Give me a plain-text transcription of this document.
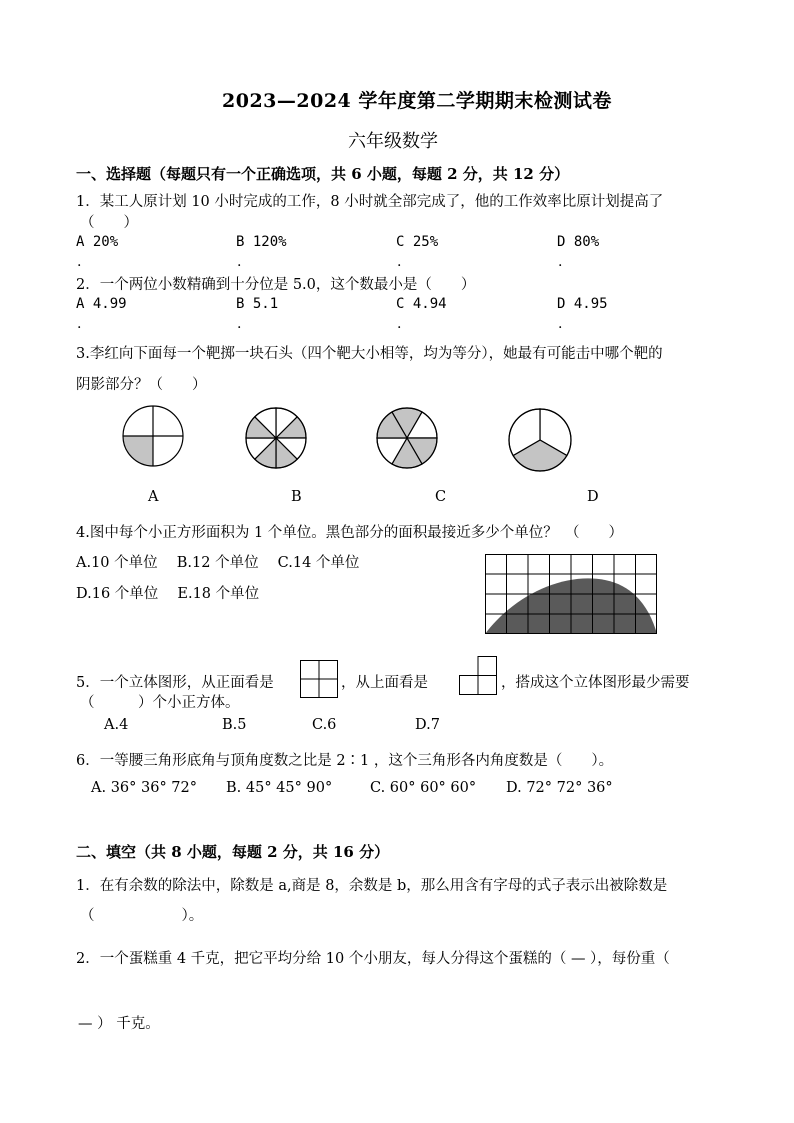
2023—2024 学年度第二学期期末检测试卷
六年级数学
一、选择题（每题只有一个正确选项，共 6 小题，每题 2 分，共 12 分）
1．某工人原计划 10 小时完成的工作，8 小时就全部完成了，他的工作效率比原计划提高了
（　　）
A 20%	B 120%	C 25%	D 80%
.	.	.	.
2．一个两位小数精确到十分位是 5.0，这个数最小是（　　）
A 4.99	B 5.1	C 4.94	D 4.95
.	.	.	.
3.李红向下面每一个靶掷一块石头（四个靶大小相等，均为等分），她最有可能击中哪个靶的
阴影部分？（　　）
A	B	C	D
4.图中每个小正方形面积为 1 个单位。黑色部分的面积最接近多少个单位？　（　　）
A.10 个单位　 B.12 个单位　 C.14 个单位
D.16 个单位　 E.18 个单位
5．一个立体图形，从正面看是	，从上面看是	，搭成这个立体图形最少需要
（　　　）个小正方体。
A.4	B.5	C.6	D.7
6．一等腰三角形底角与顶角度数之比是 2∶1 ，这个三角形各内角度数是（　　）。
A. 36° 36° 72° B. 45° 45° 90°	C. 60° 60° 60° D. 72° 72° 36°
二、填空（共 8 小题，每题 2 分，共 16 分）
1．在有余数的除法中，除数是 a,商是 8，余数是 b，那么用含有字母的式子表示出被除数是
（　　　　　　）。
2．一个蛋糕重 4 千克，把它平均分给 10 个小朋友，每人分得这个蛋糕的（ — ），每份重（
— ） 千克。
